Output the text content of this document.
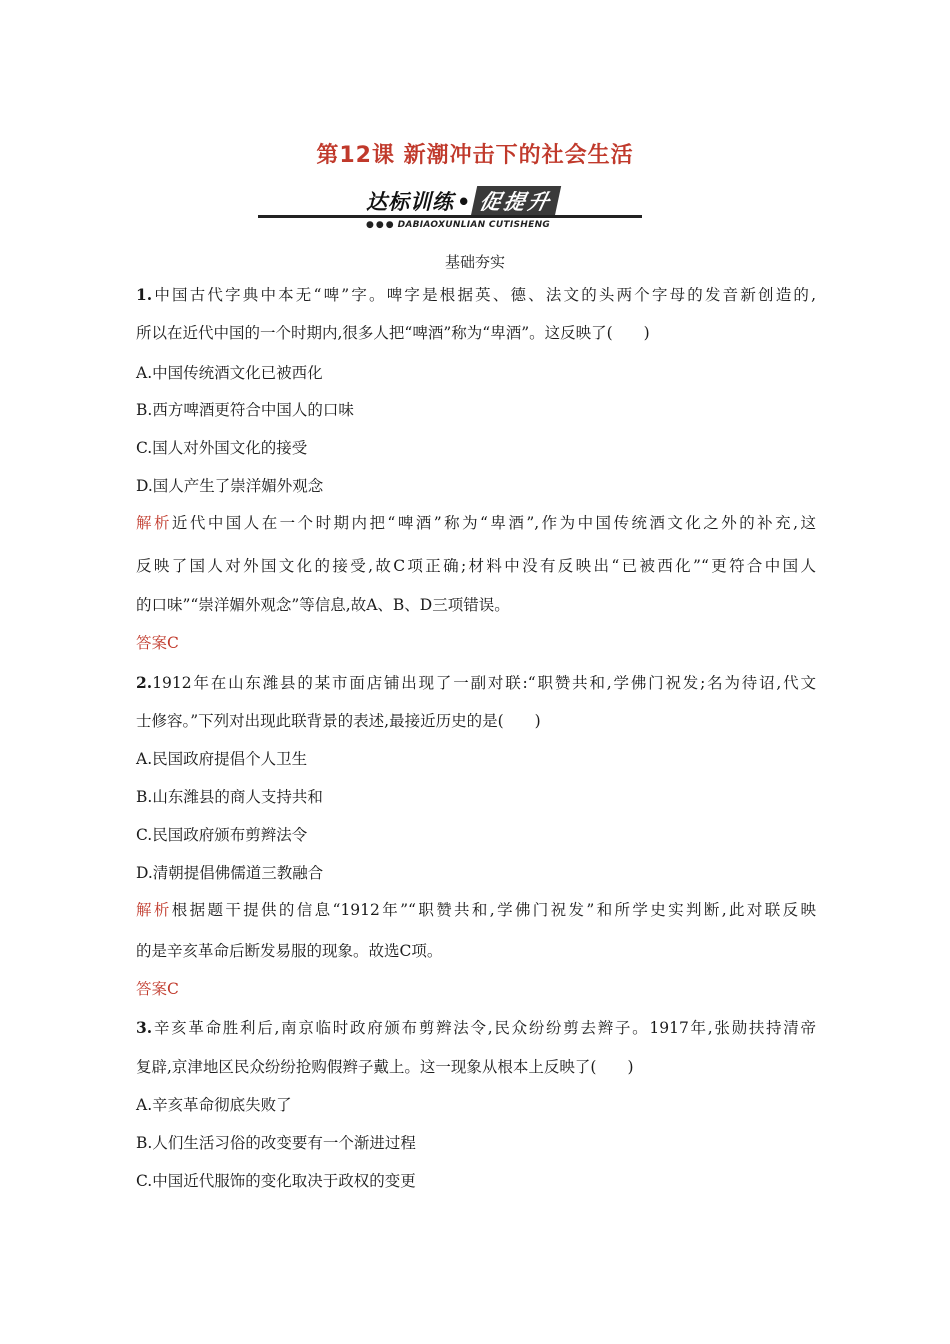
第12课 新潮冲击下的社会生活
达标训练 • 促提升
●●● DABIAOXUNLIAN CUTISHENG
基础夯实
1.中国古代字典中本无“啤”字。啤字是根据英、德、法文的头两个字母的发音新创造的,
所以在近代中国的一个时期内,很多人把“啤酒”称为“卑酒”。这反映了(　　)
A.中国传统酒文化已被西化
B.西方啤酒更符合中国人的口味
C.国人对外国文化的接受
D.国人产生了崇洋媚外观念
解析近代中国人在一个时期内把“啤酒”称为“卑酒”,作为中国传统酒文化之外的补充,这
反映了国人对外国文化的接受,故C项正确;材料中没有反映出“已被西化”“更符合中国人
的口味”“崇洋媚外观念”等信息,故A、B、D三项错误。
答案C
2.1912年在山东潍县的某市面店铺出现了一副对联:“职赞共和,学佛门祝发;名为待诏,代文
士修容。”下列对出现此联背景的表述,最接近历史的是(　　)
A.民国政府提倡个人卫生
B.山东潍县的商人支持共和
C.民国政府颁布剪辫法令
D.清朝提倡佛儒道三教融合
解析根据题干提供的信息“1912年”“职赞共和,学佛门祝发”和所学史实判断,此对联反映
的是辛亥革命后断发易服的现象。故选C项。
答案C
3.辛亥革命胜利后,南京临时政府颁布剪辫法令,民众纷纷剪去辫子。1917年,张勋扶持清帝
复辟,京津地区民众纷纷抢购假辫子戴上。这一现象从根本上反映了(　　)
A.辛亥革命彻底失败了
B.人们生活习俗的改变要有一个渐进过程
C.中国近代服饰的变化取决于政权的变更
